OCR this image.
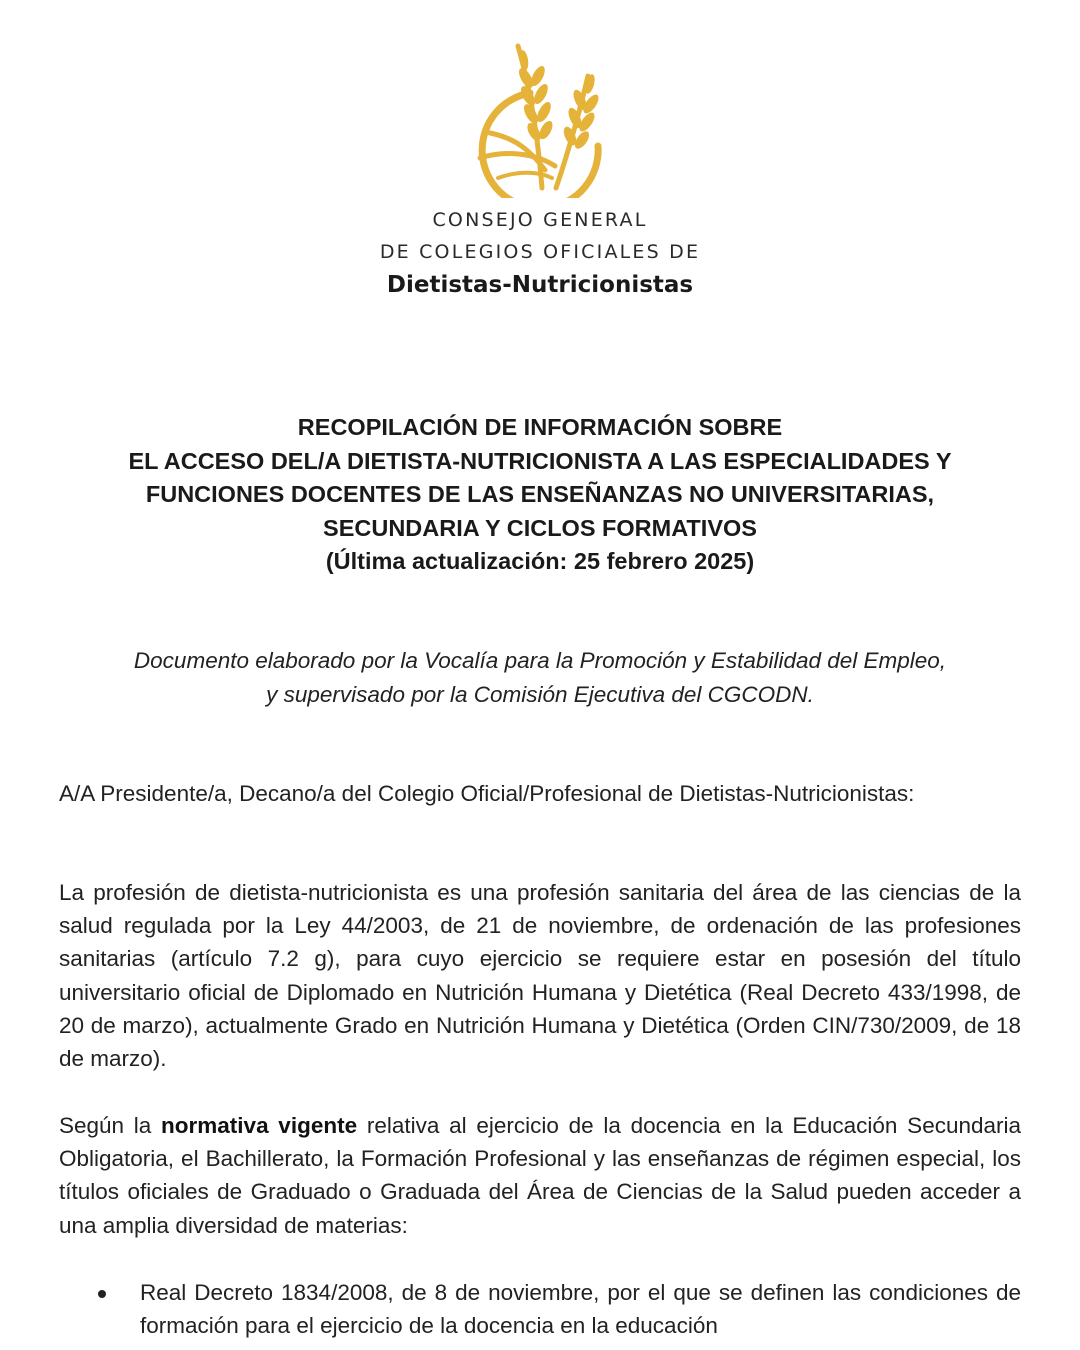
CONSEJO GENERAL
DE COLEGIOS OFICIALES DE
Dietistas-Nutricionistas
RECOPILACIÓN DE INFORMACIÓN SOBRE
EL ACCESO DEL/A DIETISTA-NUTRICIONISTA A LAS ESPECIALIDADES Y
FUNCIONES DOCENTES DE LAS ENSEÑANZAS NO UNIVERSITARIAS,
SECUNDARIA Y CICLOS FORMATIVOS
(Última actualización: 25 febrero 2025)
Documento elaborado por la Vocalía para la Promoción y Estabilidad del Empleo,
y supervisado por la Comisión Ejecutiva del CGCODN.
A/A Presidente/a, Decano/a del Colegio Oficial/Profesional de Dietistas-Nutricionistas:
La profesión de dietista-nutricionista es una profesión sanitaria del área de las ciencias de la salud regulada por la Ley 44/2003, de 21 de noviembre, de ordenación de las profesiones sanitarias (artículo 7.2 g), para cuyo ejercicio se requiere estar en posesión del título universitario oficial de Diplomado en Nutrición Humana y Dietética (Real Decreto 433/1998, de 20 de marzo), actualmente Grado en Nutrición Humana y Dietética (Orden CIN/730/2009, de 18 de marzo).
Según la normativa vigente relativa al ejercicio de la docencia en la Educación Secundaria Obligatoria, el Bachillerato, la Formación Profesional y las enseñanzas de régimen especial, los títulos oficiales de Graduado o Graduada del Área de Ciencias de la Salud pueden acceder a una amplia diversidad de materias:
Real Decreto 1834/2008, de 8 de noviembre, por el que se definen las condiciones de formación para el ejercicio de la docencia en la educación
